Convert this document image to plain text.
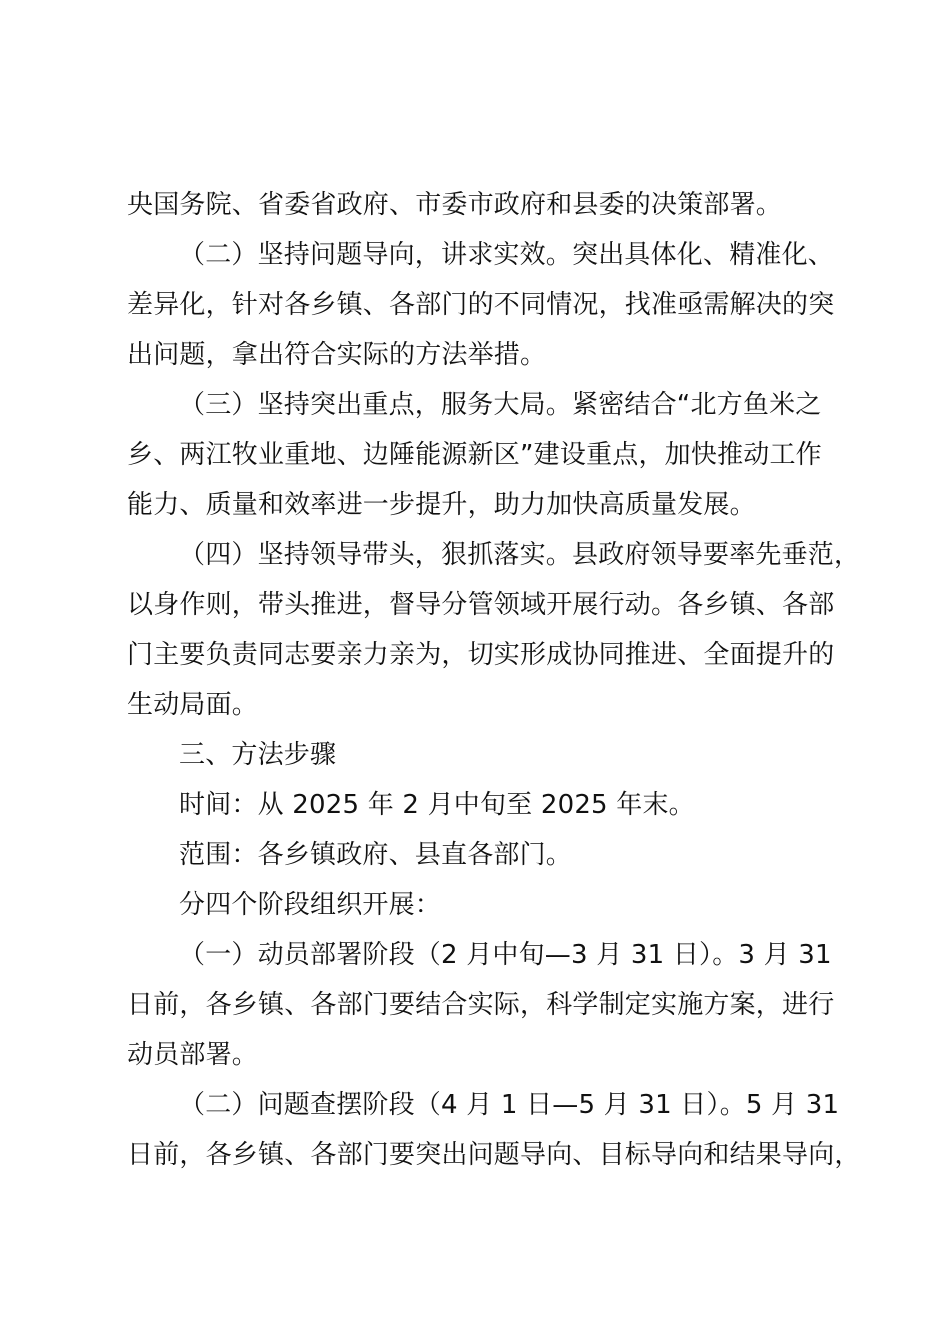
央国务院、省委省政府、市委市政府和县委的决策部署。
（二）坚持问题导向，讲求实效。突出具体化、精准化、
差异化，针对各乡镇、各部门的不同情况，找准亟需解决的突
出问题，拿出符合实际的方法举措。
（三）坚持突出重点，服务大局。紧密结合“北方鱼米之
乡、两江牧业重地、边陲能源新区”建设重点，加快推动工作
能力、质量和效率进一步提升，助力加快高质量发展。
（四）坚持领导带头，狠抓落实。县政府领导要率先垂范，
以身作则，带头推进，督导分管领域开展行动。各乡镇、各部
门主要负责同志要亲力亲为，切实形成协同推进、全面提升的
生动局面。
三、方法步骤
时间：从 2025 年 2 月中旬至 2025 年末。
范围：各乡镇政府、县直各部门。
分四个阶段组织开展：
（一）动员部署阶段（2 月中旬—3 月 31 日）。3 月 31
日前，各乡镇、各部门要结合实际，科学制定实施方案，进行
动员部署。
（二）问题查摆阶段（4 月 1 日—5 月 31 日）。5 月 31
日前，各乡镇、各部门要突出问题导向、目标导向和结果导向，
